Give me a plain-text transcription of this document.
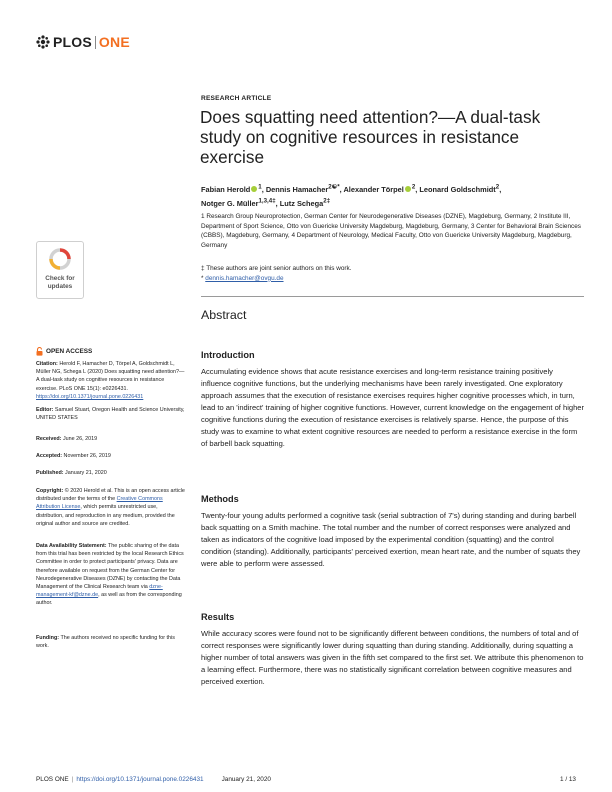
PLOS ONE
RESEARCH ARTICLE
Does squatting need attention?—A dual-task study on cognitive resources in resistance exercise
Fabian Herold $^1$, Dennis Hamacher$^{2☯*}$, Alexander Törpel $^2$, Leonard Goldschmidt$^2$,
Notger G. Müller$^{1,3,4\ddagger}$, Lutz Schega$^{2\ddagger}$
1 Research Group Neuroprotection, German Center for Neurodegenerative Diseases (DZNE), Magdeburg, Germany, 2 Institute III, Department of Sport Science, Otto von Guericke University Magdeburg, Magdeburg, Germany, 3 Center for Behavioral Brain Sciences (CBBS), Magdeburg, Germany, 4 Department of Neurology, Medical Faculty, Otto von Guericke University Magdeburg, Magdeburg, Germany
‡ These authors are joint senior authors on this work.
* dennis.hamacher@ovgu.de
Abstract
Introduction
Accumulating evidence shows that acute resistance exercises and long-term resistance training positively influence cognitive functions, but the underlying mechanisms have been rarely investigated. One exploratory approach assumes that the execution of resistance exercises requires higher cognitive processes which, in turn, lead to an 'indirect' training of higher cognitive functions. However, current knowledge on the engagement of higher cognitive functions during the execution of resistance exercises is relatively sparse. Hence, the purpose of this study was to examine to what extent cognitive resources are needed to perform a resistance exercise in the form of barbell back squatting.
Methods
Twenty-four young adults performed a cognitive task (serial subtraction of 7's) during standing and during barbell back squatting on a Smith machine. The total number and the number of correct responses were analyzed and taken as indicators of the cognitive load imposed by the experimental condition (squatting) and the control condition (standing). Additionally, participants' perceived exertion, mean heart rate, and the number of squats they were able to perform were assessed.
Results
While accuracy scores were found not to be significantly different between conditions, the numbers of total and of correct responses were significantly lower during squatting than during standing. Additionally, during squatting a higher number of total answers was given in the fifth set compared to the first set. We attribute this phenomenon to a learning effect. Furthermore, there was no statistically significant correlation between cognitive measures and perceived exertion.
Check for
updates
OPEN ACCESS
Citation: Herold F, Hamacher D, Törpel A, Goldschmidt L, Müller NG, Schega L (2020) Does squatting need attention?—A dual-task study on cognitive resources in resistance exercise. PLoS ONE 15(1): e0226431. https://doi.org/10.1371/journal.pone.0226431
Editor: Samuel Stuart, Oregon Health and Science University, UNITED STATES
Received: June 26, 2019
Accepted: November 26, 2019
Published: January 21, 2020
Copyright: © 2020 Herold et al. This is an open access article distributed under the terms of the Creative Commons Attribution License, which permits unrestricted use, distribution, and reproduction in any medium, provided the original author and source are credited.
Data Availability Statement: The public sharing of the data from this trial has been restricted by the local Research Ethics Committee in order to protect participants' privacy. Data are therefore available on request from the German Center for Neurodegenerative Diseases (DZNE) by contacting the Data Management of the Clinical Research team via dzne-management-kf@dzne.de, as well as from the corresponding author.
Funding: The authors received no specific funding for this work.
PLOS ONE | https://doi.org/10.1371/journal.pone.0226431	January 21, 2020	1 / 13
